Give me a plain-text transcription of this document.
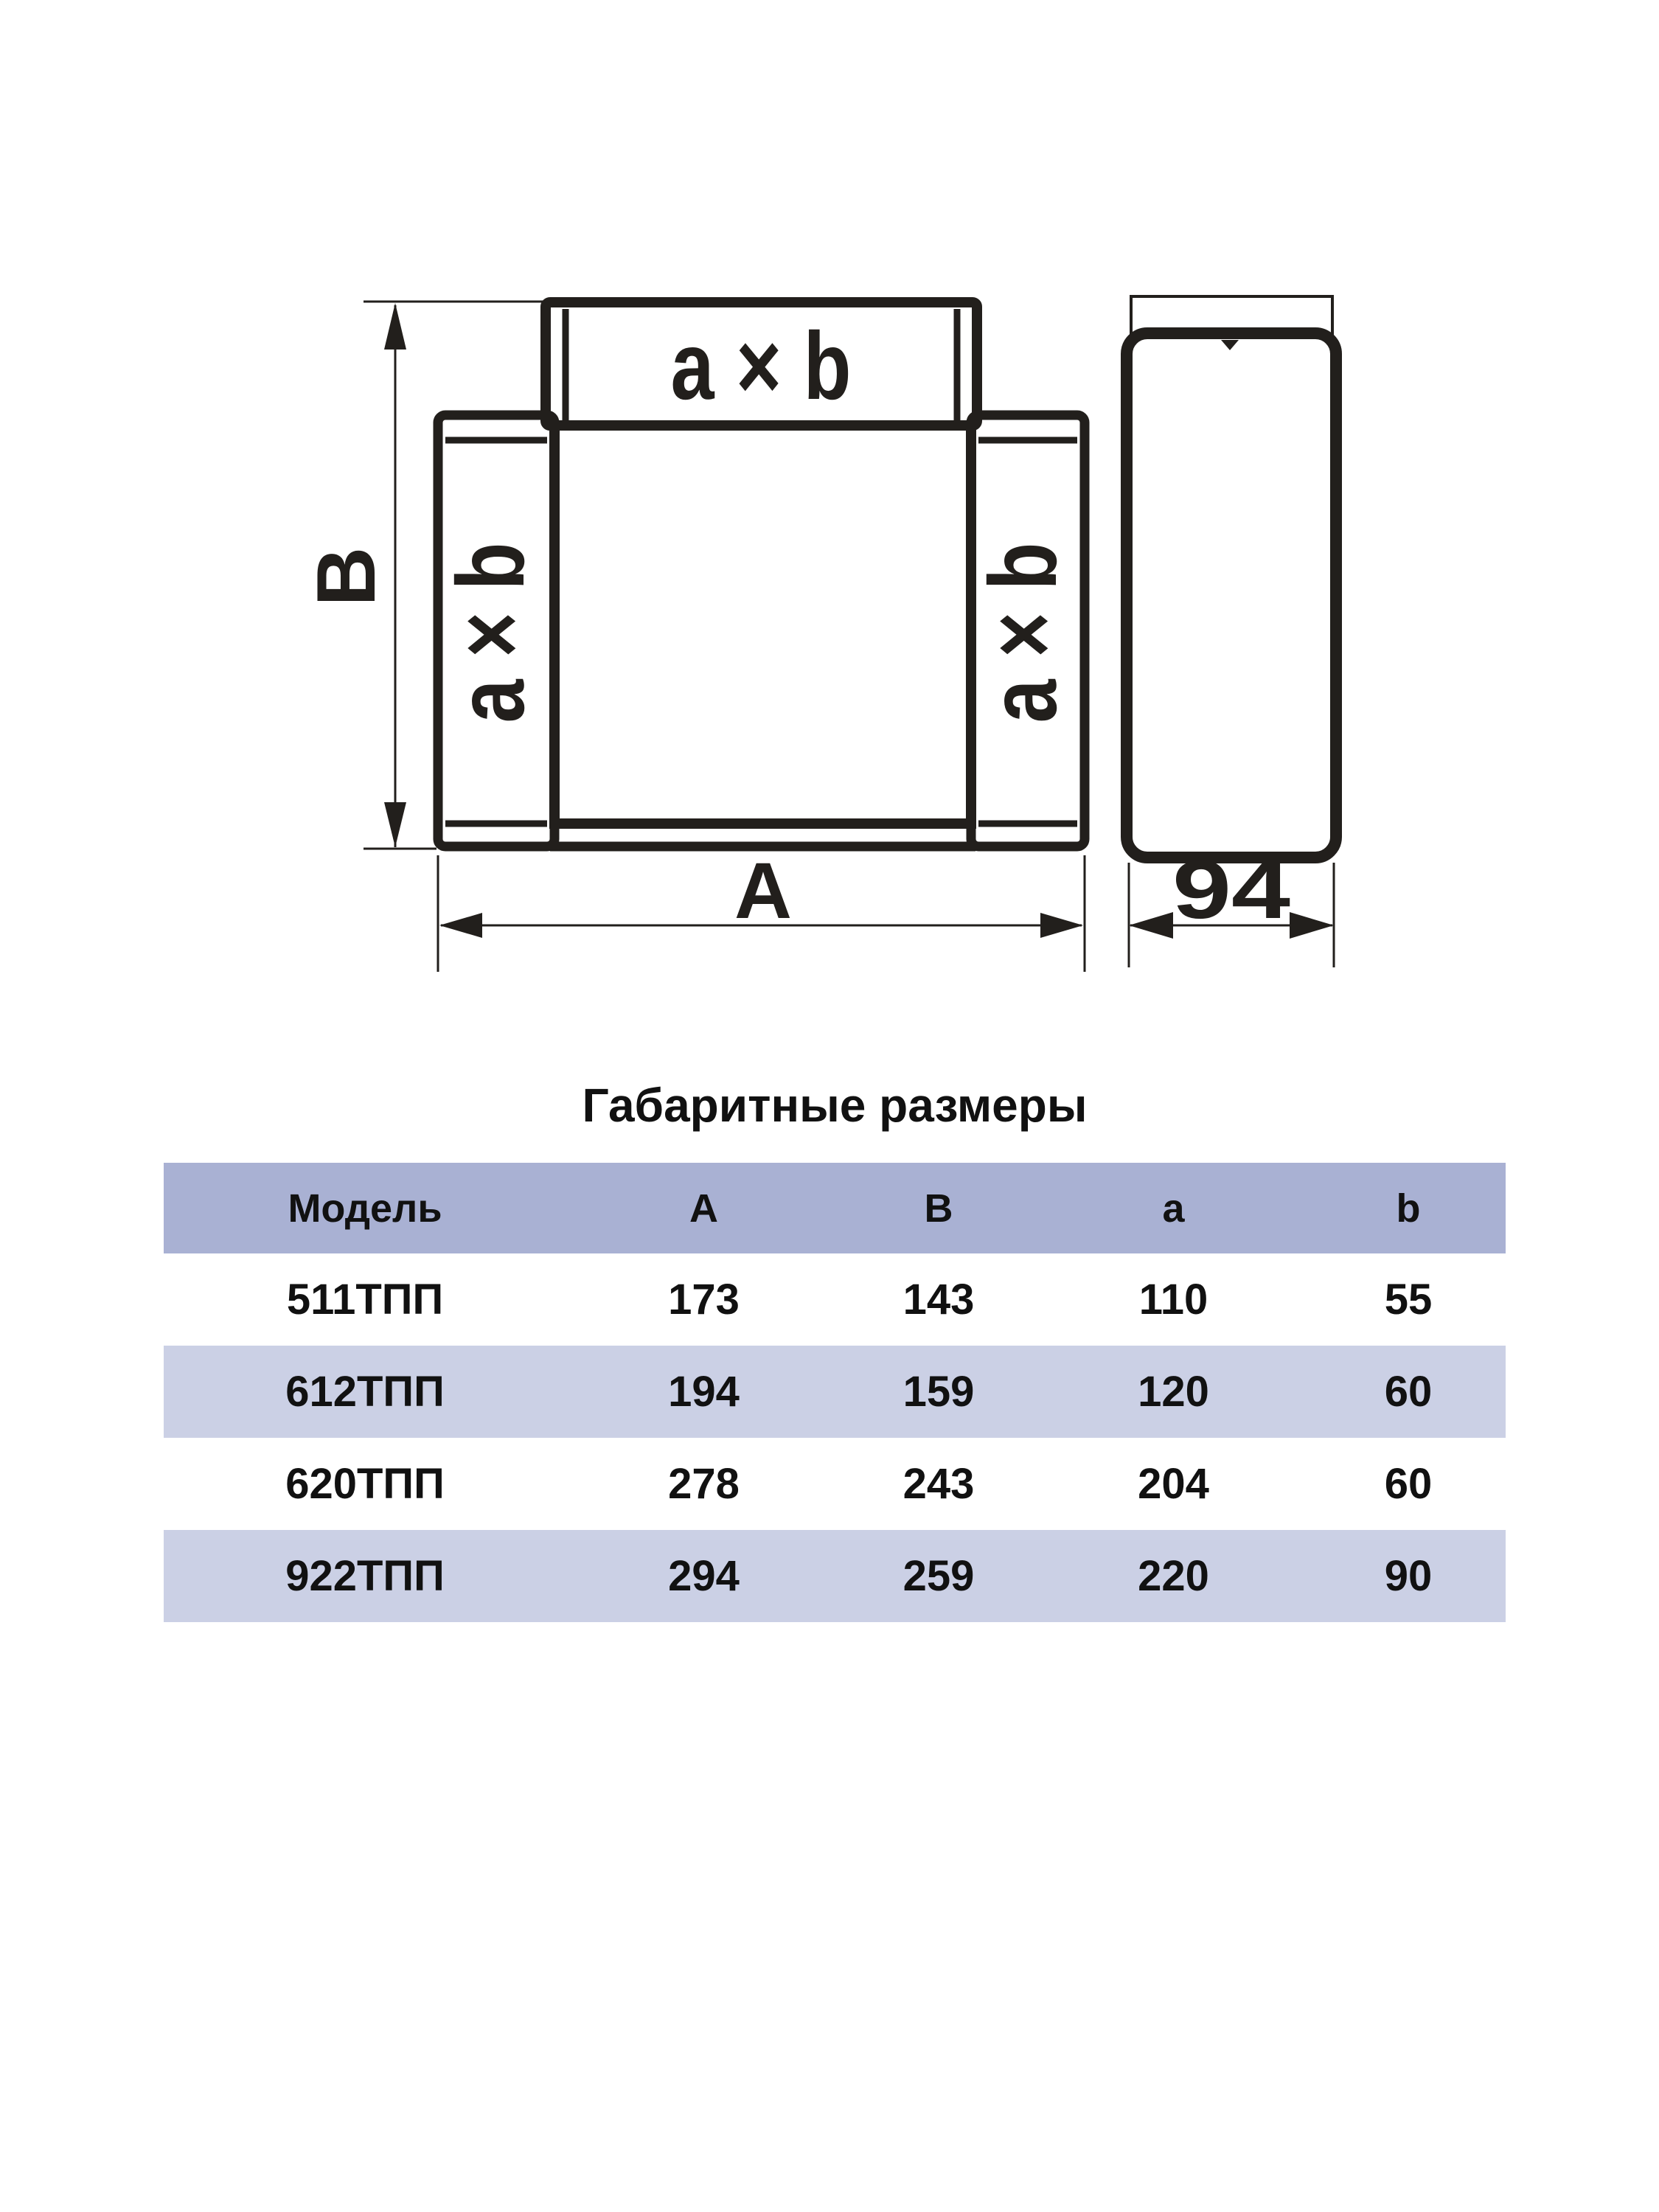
B
a × b
a × b	a × b
A	94
Габаритные размеры
Модель	A	B	a	b
511ТПП	173	143	110	55
612ТПП	194	159	120	60
620ТПП	278	243	204	60
922ТПП	294	259	220	90
